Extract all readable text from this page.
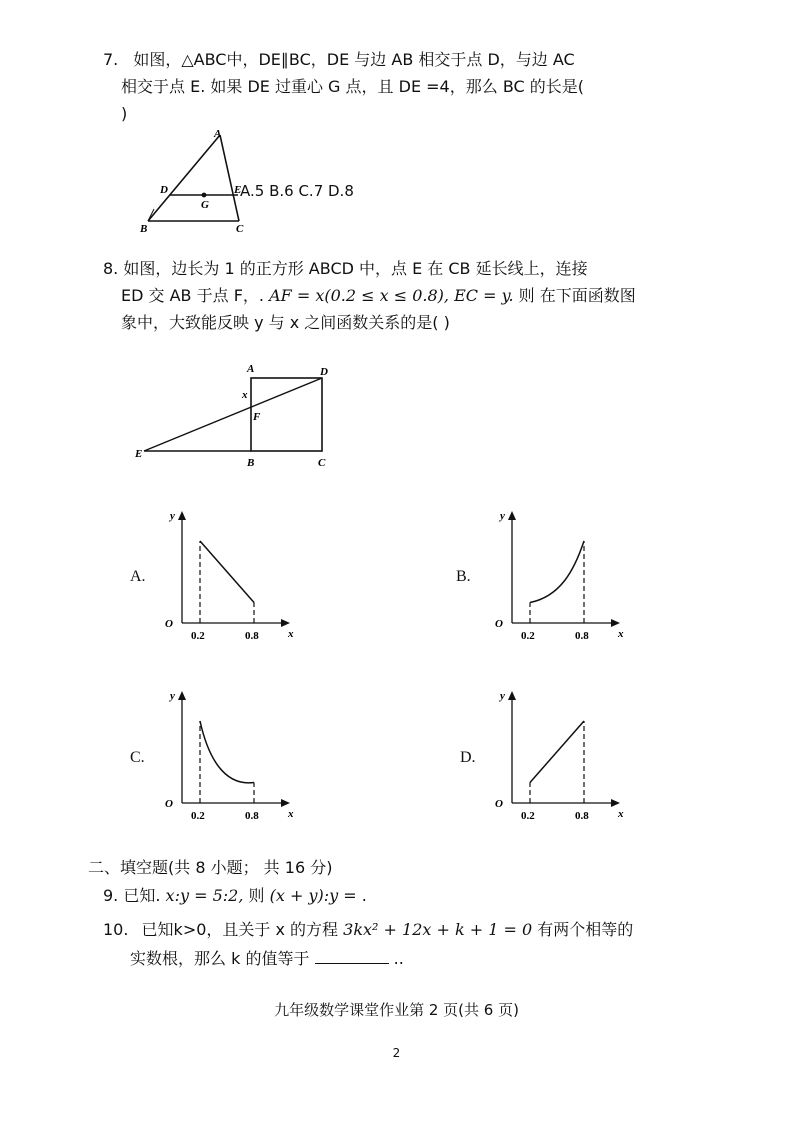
7. 如图，△ABC中，DE∥BC，DE 与边 AB 相交于点 D，与边 AC
相交于点 E. 如果 DE 过重心 G 点，且 DE =4，那么 BC 的长是(
)
A
D
G
E
B	C
A.5 B.6 C.7 D.8
8. 如图，边长为 1 的正方形 ABCD 中，点 E 在 CB 延长线上，连接
ED 交 AB 于点 F，. AF = x(0.2 ≤ x ≤ 0.8), EC = y. 则 在下面函数图
象中，大致能反映 y 与 x 之间函数关系的是( )
A	D
x
F
E
B	C
A.	B.
C.	D.
y
x
O
0.2	0.8
y
x
O
0.2	0.8
y
x
O
0.2	0.8
y
x
O
0.2	0.8
二、填空题(共 8 小题； 共 16 分)
9. 已知. x:y = 5:2, 则 (x + y):y = .
10. 已知k>0，且关于 x 的方程 3kx² + 12x + k + 1 = 0 有两个相等的
实数根，那么 k 的值等于	..
九年级数学课堂作业第 2 页(共 6 页)
2
